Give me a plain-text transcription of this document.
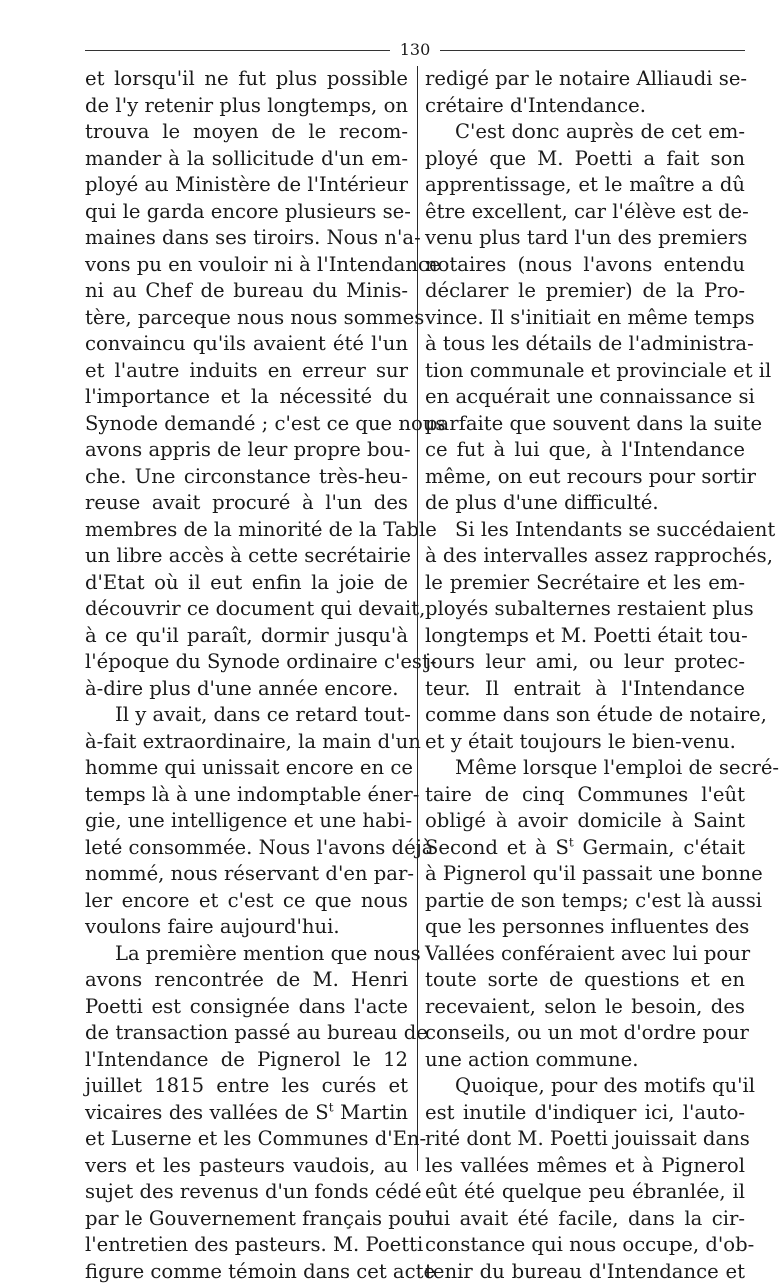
130
et lorsqu'il ne fut plus possible
de l'y retenir plus longtemps, on
trouva le moyen de le recom-
mander à la sollicitude d'un em-
ployé au Ministère de l'Intérieur
qui le garda encore plusieurs se-
maines dans ses tiroirs. Nous n'a-
vons pu en vouloir ni à l'Intendance
ni au Chef de bureau du Minis-
tère, parceque nous nous sommes
convaincu qu'ils avaient été l'un
et l'autre induits en erreur sur
l'importance et la nécessité du
Synode demandé ; c'est ce que nous
avons appris de leur propre bou-
che. Une circonstance très-heu-
reuse avait procuré à l'un des
membres de la minorité de la Table
un libre accès à cette secrétairie
d'Etat où il eut enfin la joie de
découvrir ce document qui devait,
à ce qu'il paraît, dormir jusqu'à
l'époque du Synode ordinaire c'est-
à-dire plus d'une année encore.
Il y avait, dans ce retard tout-
à-fait extraordinaire, la main d'un
homme qui unissait encore en ce
temps là à une indomptable éner-
gie, une intelligence et une habi-
leté consommée. Nous l'avons déjà
nommé, nous réservant d'en par-
ler encore et c'est ce que nous
voulons faire aujourd'hui.
La première mention que nous
avons rencontrée de M. Henri
Poetti est consignée dans l'acte
de transaction passé au bureau de
l'Intendance de Pignerol le 12
juillet 1815 entre les curés et
vicaires des vallées de $S^t$ Martin
et Luserne et les Communes d'En-
vers et les pasteurs vaudois, au
sujet des revenus d'un fonds cédé
par le Gouvernement français pour
l'entretien des pasteurs. M. Poetti
figure comme témoin dans cet acte
redigé par le notaire Alliaudi se-
crétaire d'Intendance.
C'est donc auprès de cet em-
ployé que M. Poetti a fait son
apprentissage, et le maître a dû
être excellent, car l'élève est de-
venu plus tard l'un des premiers
notaires (nous l'avons entendu
déclarer le premier) de la Pro-
vince. Il s'initiait en même temps
à tous les détails de l'administra-
tion communale et provinciale et il
en acquérait une connaissance si
parfaite que souvent dans la suite
ce fut à lui que, à l'Intendance
même, on eut recours pour sortir
de plus d'une difficulté.
Si les Intendants se succédaient
à des intervalles assez rapprochés,
le premier Secrétaire et les em-
ployés subalternes restaient plus
longtemps et M. Poetti était tou-
jours leur ami, ou leur protec-
teur. Il entrait à l'Intendance
comme dans son étude de notaire,
et y était toujours le bien-venu.
Même lorsque l'emploi de secré-
taire de cinq Communes l'eût
obligé à avoir domicile à Saint
Second et à $S^t$ Germain, c'était
à Pignerol qu'il passait une bonne
partie de son temps; c'est là aussi
que les personnes influentes des
Vallées conféraient avec lui pour
toute sorte de questions et en
recevaient, selon le besoin, des
conseils, ou un mot d'ordre pour
une action commune.
Quoique, pour des motifs qu'il
est inutile d'indiquer ici, l'auto-
rité dont M. Poetti jouissait dans
les vallées mêmes et à Pignerol
eût été quelque peu ébranlée, il
lui avait été facile, dans la cir-
constance qui nous occupe, d'ob-
tenir du bureau d'Intendance et
